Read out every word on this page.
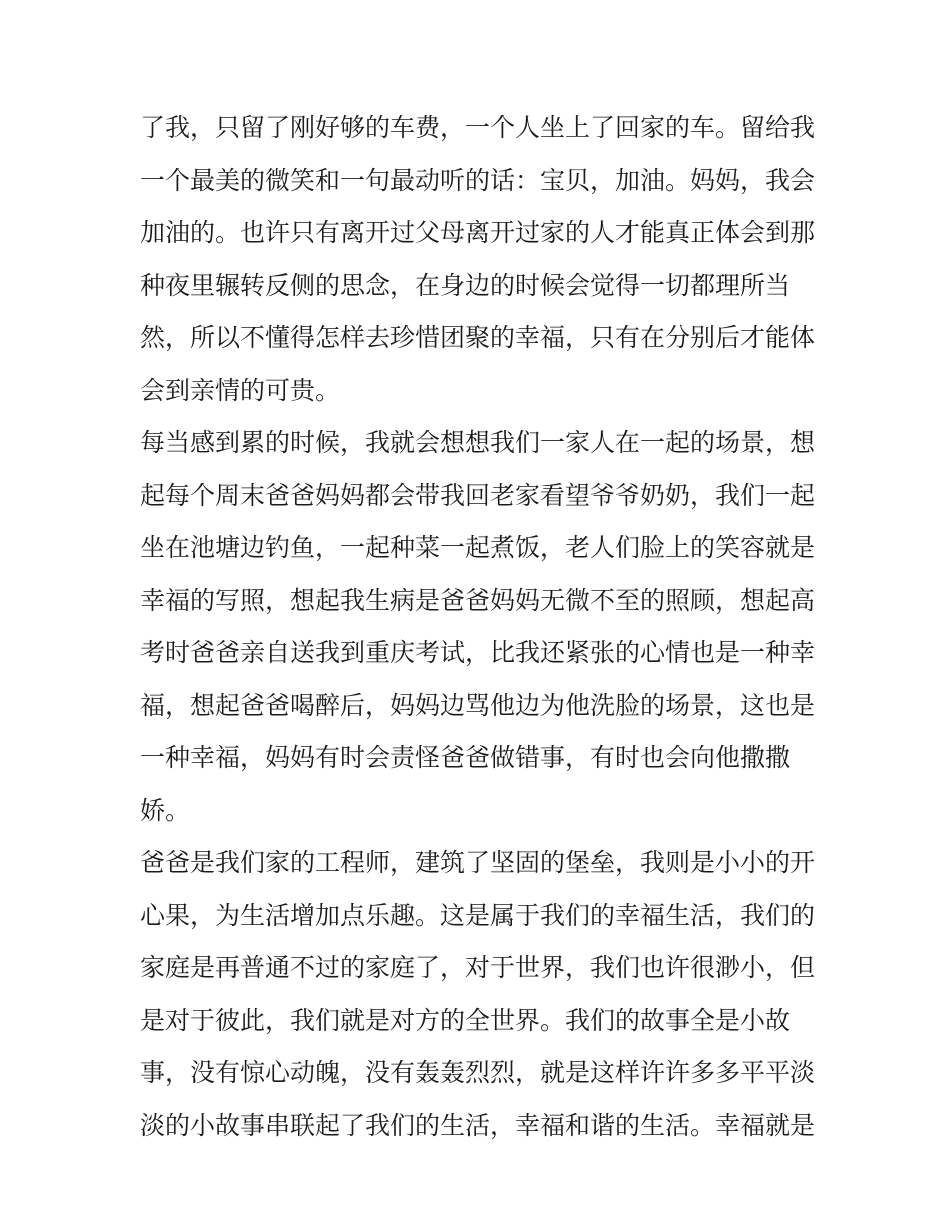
了我，只留了刚好够的车费，一个人坐上了回家的车。留给我
一个最美的微笑和一句最动听的话：宝贝，加油。妈妈，我会
加油的。也许只有离开过父母离开过家的人才能真正体会到那
种夜里辗转反侧的思念，在身边的时候会觉得一切都理所当
然，所以不懂得怎样去珍惜团聚的幸福，只有在分别后才能体
会到亲情的可贵。
每当感到累的时候，我就会想想我们一家人在一起的场景，想
起每个周末爸爸妈妈都会带我回老家看望爷爷奶奶，我们一起
坐在池塘边钓鱼，一起种菜一起煮饭，老人们脸上的笑容就是
幸福的写照，想起我生病是爸爸妈妈无微不至的照顾，想起高
考时爸爸亲自送我到重庆考试，比我还紧张的心情也是一种幸
福，想起爸爸喝醉后，妈妈边骂他边为他洗脸的场景，这也是
一种幸福，妈妈有时会责怪爸爸做错事，有时也会向他撒撒
娇。
爸爸是我们家的工程师，建筑了坚固的堡垒，我则是小小的开
心果，为生活增加点乐趣。这是属于我们的幸福生活，我们的
家庭是再普通不过的家庭了，对于世界，我们也许很渺小，但
是对于彼此，我们就是对方的全世界。我们的故事全是小故
事，没有惊心动魄，没有轰轰烈烈，就是这样许许多多平平淡
淡的小故事串联起了我们的生活，幸福和谐的生活。幸福就是
